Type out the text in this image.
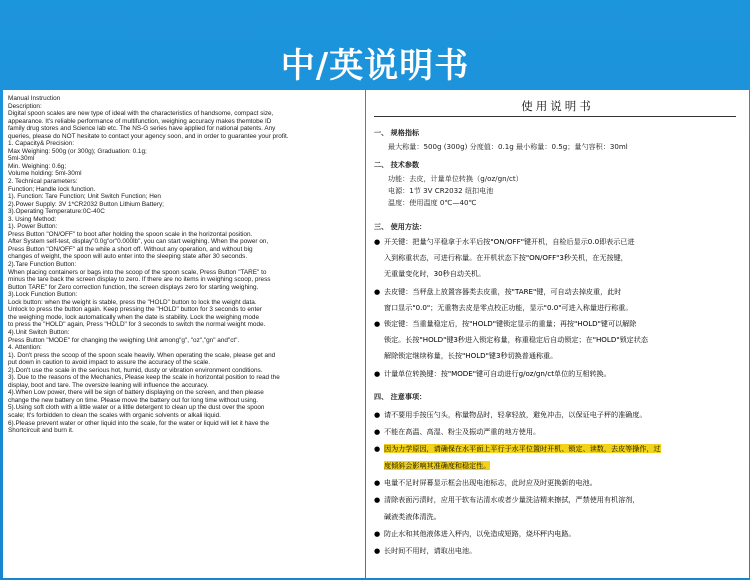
中/英说明书
Manual Instruction
Description:
Digital spoon scales are new type of ideal with the characteristics of handsome, compact size,
appearance. It's reliable performance of multifunction, weighing accuracy makes themtobe ID
family drug stores and Science lab etc. The NS-G series have applied for national patents. Any
queries, please do NOT hesitate to contact your agency soon, and in order to guarantee your profit.
1. Capacity& Precision:
Max Weighing: 500g (or 300g); Graduation: 0.1g;
5ml-30ml
Min. Weighing: 0.6g;
Volume holding: 5ml-30ml
2. Technical parameters:
Function; Handle lock function.
1). Function: Tare Function; Unit Switch Function; Hen
2).Power Supply: 3V 1*CR2032 Button Lithium Battery;
3).Operating Temperature:0C-40C
3. Using Method:
1). Power Button:
Press Button "ON/OFF" to boot after holding the spoon scale in the horizontal position.
After System self-test, display"0.0g"or"0.000lb", you can start weighing. When the power on,
Press Button "ON/OFF" all the while a short off. Without any operation, and without big
changes of weight, the spoon will auto enter into the sleeping state after 30 seconds.
2).Tare Function Button:
When placing containers or bags into the scoop of the spoon scale, Press Button "TARE" to
minus the tare back the screen display to zero. If there are no items in weighing scoop, press
Button TARE" for Zero correction function, the screen displays zero for starting weighing.
3).Lock Function Button:
Lock button: when the weight is stable, press the "HOLD" button to lock the weight data.
Unlock to press the button again. Keep pressing the "HOLD" button for 3 seconds to enter
the weighing mode, lock automatically when the date is stability. Lock the weighing mode
to press the "HOLD" again, Press "HOLD" for 3 seconds to switch the normal weight mode.
4).Unit Switch Button:
Press Button "MODE" for changing the weighing Unit among"g", "oz","gn" and"ct".
4. Attention:
1). Don't press the scoop of the spoon scale heavily. When operating the scale, please get and
put down in caution to avoid impact to assure the accuracy of the scale.
2).Don't use the scale in the serious hot, humid, dusty or vibration environment conditions.
3). Due to the reasons of the Mechanics, Please keep the scale in horizontal position to read the
display, boot and tare. The oversize leaning will influence the accuracy.
4).When Low power, there will be sign of battery displaying on the screen, and then please
change the new battery on time. Please move the battery out for long time without using.
5).Using soft cloth with a little water or a little detergent to clean up the dust over the spoon
scale; It's forbidden to clean the scales with organic solvents or alkali liquid.
6).Please prevent water or other liquid into the scale, for the water or liquid will let it have the
Shortcircuit and burn it.
使用说明书
一、 规格指标
最大称量：500g (300g) 分度值：0.1g 最小称量：0.5g；量勺容积：30ml
二、 技术参数
功能：去皮，计量单位转换（g/oz/gn/ct）
电源：1节 3V CR2032 纽扣电池
温度：使用温度 0℃—40℃
三、 使用方法：
● 开关键：把量勺平稳拿于水平后按"ON/OFF"键开机，自检后显示0.0即表示已进
入到称重状态，可进行称量。在开机状态下按"ON/OFF"3秒关机，在无按键，
无重量变化时，30秒自动关机。
● 去皮键：当秤盘上放置容器类去皮重，按"TARE"键，可自动去掉皮重，此时
窗口显示"0.0"；无重物去皮是零点校正功能，显示"0.0"可进入称量进行称重。
● 锁定键：当重量稳定后，按"HOLD"键锁定显示的重量；再按"HOLD"键可以解除
锁定。长按"HOLD"键3秒进入锁定称量，称重稳定后自动锁定；在"HOLD"锁定状态
解除锁定继续称量，长按"HOLD"键3秒切换普通称重。
● 计量单位转换键：按"MODE"键可自动进行g/oz/gn/ct单位的互相转换。
四、 注意事项：
● 请不要用手按压勺头，称量物品时，轻拿轻放，避免冲击，以保证电子秤的准确度。
● 不能在高温、高湿、粉尘及振动严重的地方使用。
● 因为力学原因，请确保在水平面上平行于水平位置时开机、锁定、读数，去皮等操作，过
度倾斜会影响其准确度和稳定性。
● 电量不足时屏幕显示框会出现电池标志，此时应及时更换新的电池。
● 清除表面污渍时，应用干软布沾清水或者少量洗洁精来擦拭，严禁使用有机溶剂，
碱液类液体清洗。
● 防止水和其他液体进入秤内，以免造成短路，烧坏秤内电路。
● 长时间不用时，请取出电池。
